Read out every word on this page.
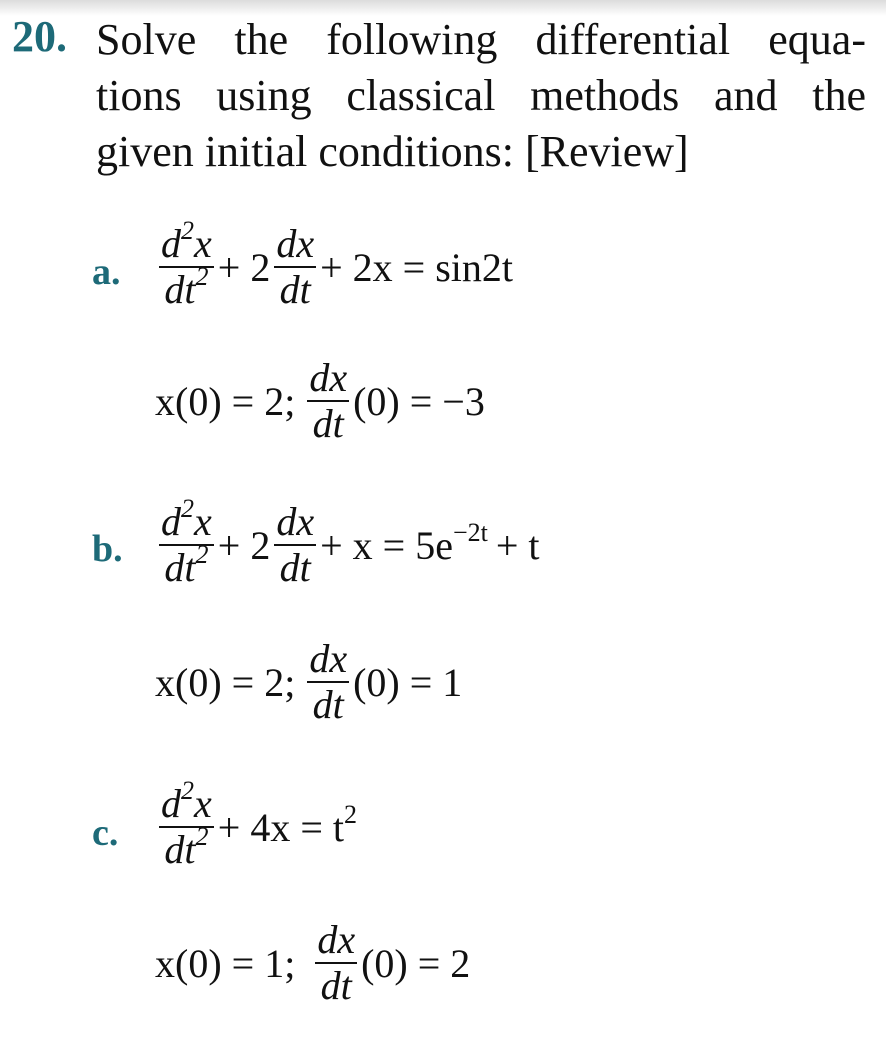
20. Solve the following differential equa-
tions using classical methods and the
given initial conditions: [Review]
a. $\frac{d^2x}{dt^2} + 2 \frac{dx}{dt} + 2x = \sin 2t$
x(0) = 2; $\frac{dx}{dt} (0) = -3$
b. $\frac{d^2x}{dt^2} + 2 \frac{dx}{dt} + x = 5e^{-2t} + t$
x(0) = 2; $\frac{dx}{dt} (0) = 1$
c. $\frac{d^2x}{dt^2} + 4x = t^2$
x(0) = 1; $\frac{dx}{dt} (0) = 2$
